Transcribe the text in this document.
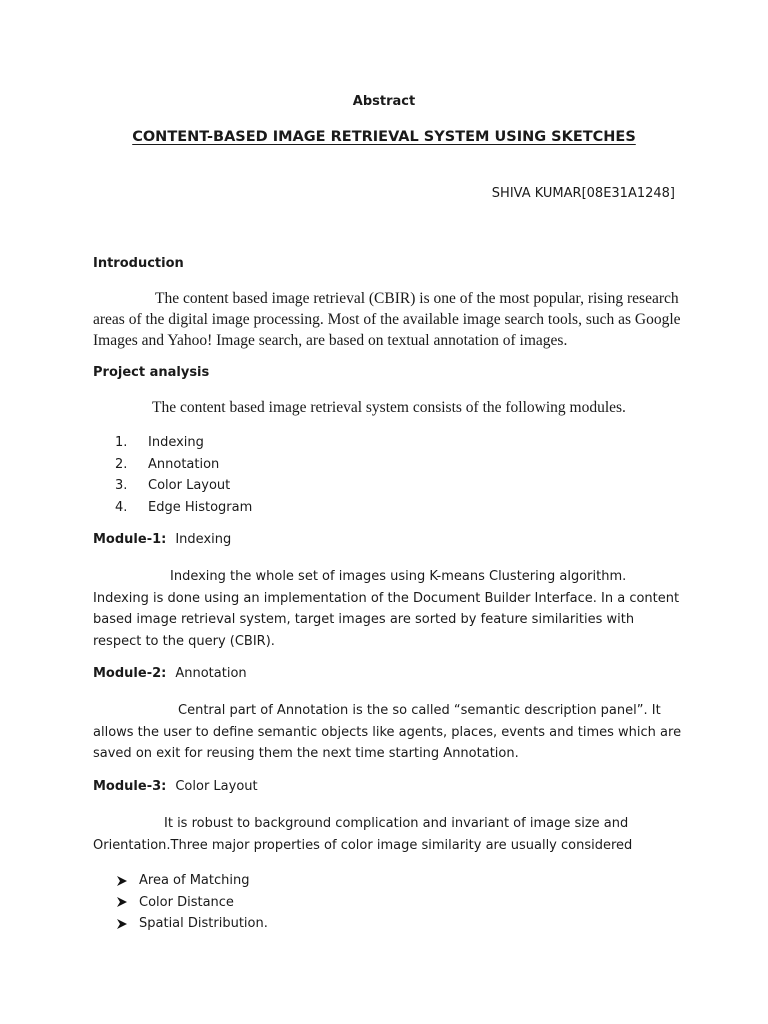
Abstract
CONTENT-BASED IMAGE RETRIEVAL SYSTEM USING SKETCHES
SHIVA KUMAR[08E31A1248]
Introduction
The content based image retrieval (CBIR) is one of the most popular, rising research areas of the digital image processing. Most of the available image search tools, such as Google Images and Yahoo! Image search, are based on textual annotation of images.
Project analysis
The content based image retrieval system consists of the following modules.
1. Indexing
2. Annotation
3. Color Layout
4. Edge Histogram
Module-1: Indexing
Indexing the whole set of images using K-means Clustering algorithm. Indexing is done using an implementation of the Document Builder Interface. In a content based image retrieval system, target images are sorted by feature similarities with respect to the query (CBIR).
Module-2: Annotation
Central part of Annotation is the so called “semantic description panel”. It allows the user to define semantic objects like agents, places, events and times which are saved on exit for reusing them the next time starting Annotation.
Module-3: Color Layout
It is robust to background complication and invariant of image size and Orientation.Three major properties of color image similarity are usually considered
Area of Matching
Color Distance
Spatial Distribution.
